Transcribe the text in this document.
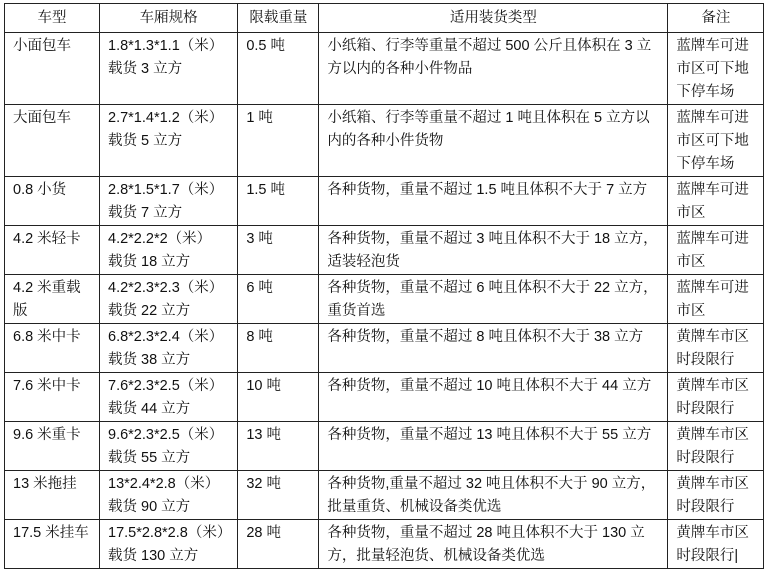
车型	车厢规格	限载重量	适用装货类型	备注

小面包车	1.8*1.3*1.1（米）
载货 3 立方	0.5 吨	小纸箱、行李等重量不超过 500 公斤且体积在 3 立
方以内的各种小件物品	蓝牌车可进
市区可下地
下停车场

大面包车	2.7*1.4*1.2（米）
载货 5 立方	1 吨	小纸箱、行李等重量不超过 1 吨且体积在 5 立方以
内的各种小件货物	蓝牌车可进
市区可下地
下停车场

0.8 小货	2.8*1.5*1.7（米）
载货 7 立方	1.5 吨	各种货物，重量不超过 1.5 吨且体积不大于 7 立方	蓝牌车可进
市区

4.2 米轻卡	4.2*2.2*2（米）
载货 18 立方	3 吨	各种货物，重量不超过 3 吨且体积不大于 18 立方，
适装轻泡货	蓝牌车可进
市区

4.2 米重载
版	4.2*2.3*2.3（米）
载货 22 立方	6 吨	各种货物，重量不超过 6 吨且体积不大于 22 立方，
重货首选	蓝牌车可进
市区

6.8 米中卡	6.8*2.3*2.4（米）
载货 38 立方	8 吨	各种货物，重量不超过 8 吨且体积不大于 38 立方	黄牌车市区
时段限行

7.6 米中卡	7.6*2.3*2.5（米）
载货 44 立方	10 吨	各种货物，重量不超过 10 吨且体积不大于 44 立方	黄牌车市区
时段限行

9.6 米重卡	9.6*2.3*2.5（米）
载货 55 立方	13 吨	各种货物，重量不超过 13 吨且体积不大于 55 立方	黄牌车市区
时段限行

13 米拖挂	13*2.4*2.8（米）
载货 90 立方	32 吨	各种货物,重量不超过 32 吨且体积不大于 90 立方，
批量重货、机械设备类优选	黄牌车市区
时段限行

17.5 米挂车	17.5*2.8*2.8（米）
载货 130 立方	28 吨	各种货物，重量不超过 28 吨且体积不大于 130 立
方，批量轻泡货、机械设备类优选	黄牌车市区
时段限行|
